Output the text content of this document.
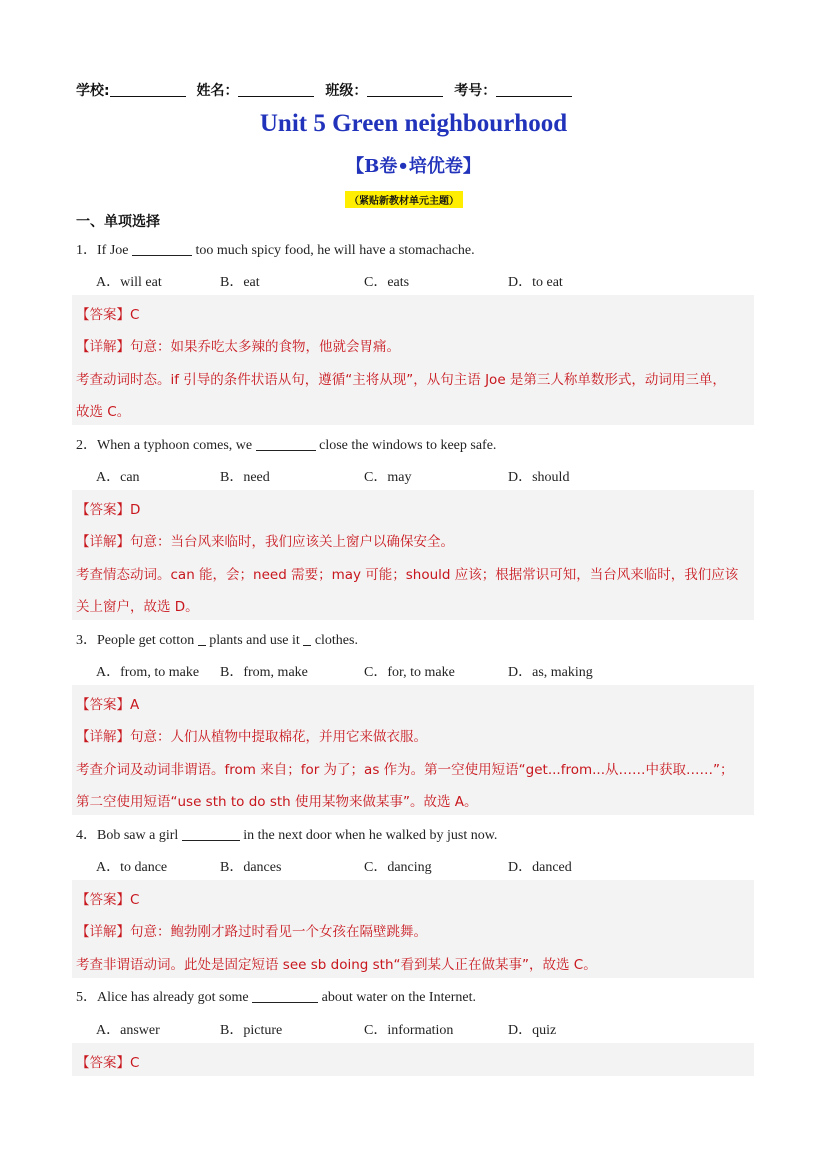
学校:	姓名：	班级：	考号：
Unit 5 Green neighbourhood
【B卷•培优卷】
（紧贴新教材单元主题）
一、单项选择
1．If Joe	too much spicy food, he will have a stomachache.
A．will eat	B．eat	C．eats	D．to eat
【答案】C
【详解】句意：如果乔吃太多辣的食物，他就会胃痛。
考查动词时态。if 引导的条件状语从句，遵循“主将从现”，从句主语 Joe 是第三人称单数形式，动词用三单，
故选 C。
2．When a typhoon comes, we	close the windows to keep safe.
A．can	B．need	C．may	D．should
【答案】D
【详解】句意：当台风来临时，我们应该关上窗户以确保安全。
考查情态动词。can 能，会；need 需要；may 可能；should 应该；根据常识可知，当台风来临时，我们应该
关上窗户，故选 D。
3．People get cotton  plants and use it  clothes.
A．from, to make B．from, make	C．for, to make	D．as, making
【答案】A
【详解】句意：人们从植物中提取棉花，并用它来做衣服。
考查介词及动词非谓语。from 来自；for 为了；as 作为。第一空使用短语“get...from...从……中获取……”；
第二空使用短语“use sth to do sth 使用某物来做某事”。故选 A。
4．Bob saw a girl	in the next door when he walked by just now.
A．to dance	B．dances	C．dancing	D．danced
【答案】C
【详解】句意：鲍勃刚才路过时看见一个女孩在隔壁跳舞。
考查非谓语动词。此处是固定短语 see sb doing sth“看到某人正在做某事”，故选 C。
5．Alice has already got some	about water on the Internet.
A．answer	B．picture	C．information	D．quiz
【答案】C
